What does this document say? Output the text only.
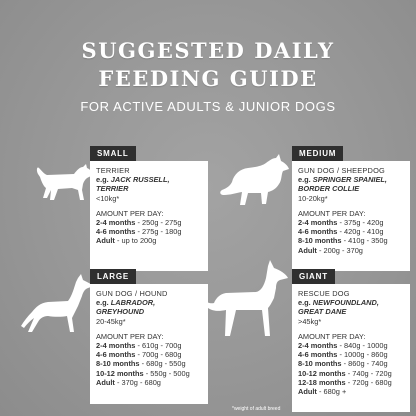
SUGGESTED DAILY
FEEDING GUIDE
FOR ACTIVE ADULTS & JUNIOR DOGS
SMALL
TERRIER
e.g. JACK RUSSELL, TERRIER
<10kg*
AMOUNT PER DAY:
2-4 months - 250g - 275g
4-6 months - 275g - 180g
Adult - up to 200g
MEDIUM
GUN DOG / SHEEPDOG
e.g. SPRINGER SPANIEL, BORDER COLLIE
10-20kg*
AMOUNT PER DAY:
2-4 months - 375g - 420g
4-6 months - 420g - 410g
8-10 months - 410g - 350g
Adult - 200g - 370g
LARGE
GUN DOG / HOUND
e.g. LABRADOR, GREYHOUND
20-45kg*
AMOUNT PER DAY:
2-4 months - 610g - 700g
4-6 months - 700g - 680g
8-10 months - 680g - 550g
10-12 months - 550g - 500g
Adult - 370g - 680g
GIANT
RESCUE DOG
e.g. NEWFOUNDLAND, GREAT DANE
>45kg*
AMOUNT PER DAY:
2-4 months - 840g - 1000g
4-6 months - 1000g - 860g
8-10 months - 860g - 740g
10-12 months - 740g - 720g
12-18 months - 720g - 680g
Adult - 680g +
*weight of adult breed
